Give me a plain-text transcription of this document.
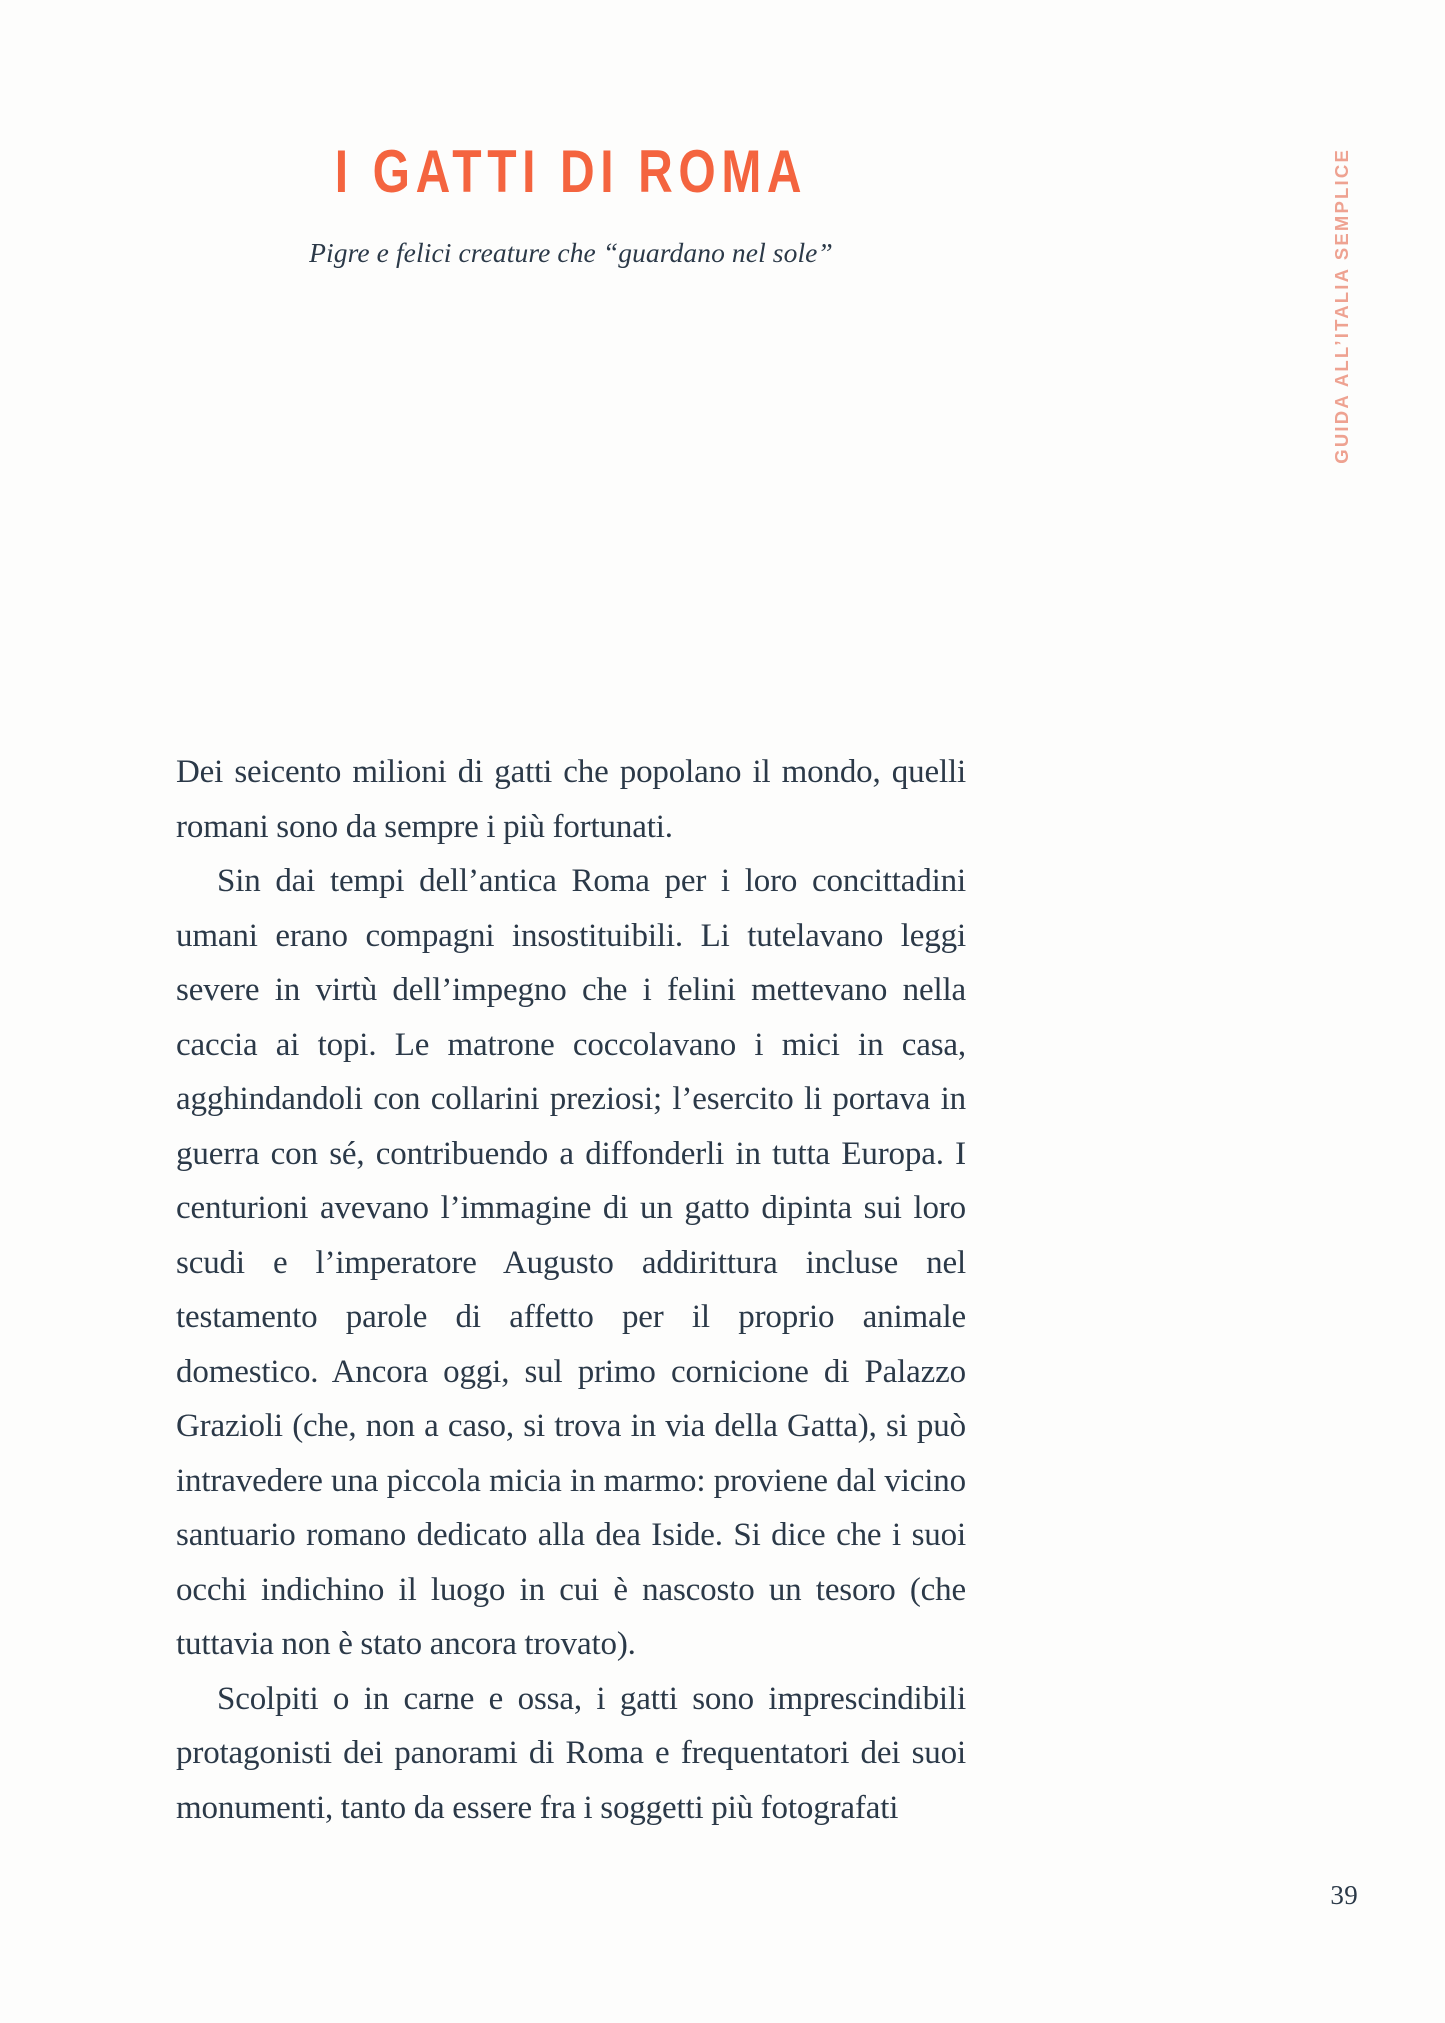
I GATTI DI ROMA

Pigre e felici creature che “guardano nel sole”	GUIDA ALL’ITALIA SEMPLICE

Dei seicento milioni di gatti che popolano il mondo, quelli romani sono da sempre i più fortunati.

Sin dai tempi dell’antica Roma per i loro concittadini umani erano compagni insostituibili. Li tutelavano leggi severe in virtù dell’impegno che i felini mettevano nella caccia ai topi. Le matrone coccolavano i mici in casa, agghindandoli con collarini preziosi; l’esercito li portava in guerra con sé, contribuendo a diffonderli in tutta Europa. I centurioni avevano l’immagine di un gatto dipinta sui loro scudi e l’imperatore Augusto addirittura incluse nel testamento parole di affetto per il proprio animale domestico. Ancora oggi, sul primo cornicione di Palazzo Grazioli (che, non a caso, si trova in via della Gatta), si può intravedere una piccola micia in marmo: proviene dal vicino santuario romano dedicato alla dea Iside. Si dice che i suoi occhi indichino il luogo in cui è nascosto un tesoro (che tuttavia non è stato ancora trovato).

Scolpiti o in carne e ossa, i gatti sono imprescindibili protagonisti dei panorami di Roma e frequentatori dei suoi monumenti, tanto da essere fra i soggetti più fotografati

39
